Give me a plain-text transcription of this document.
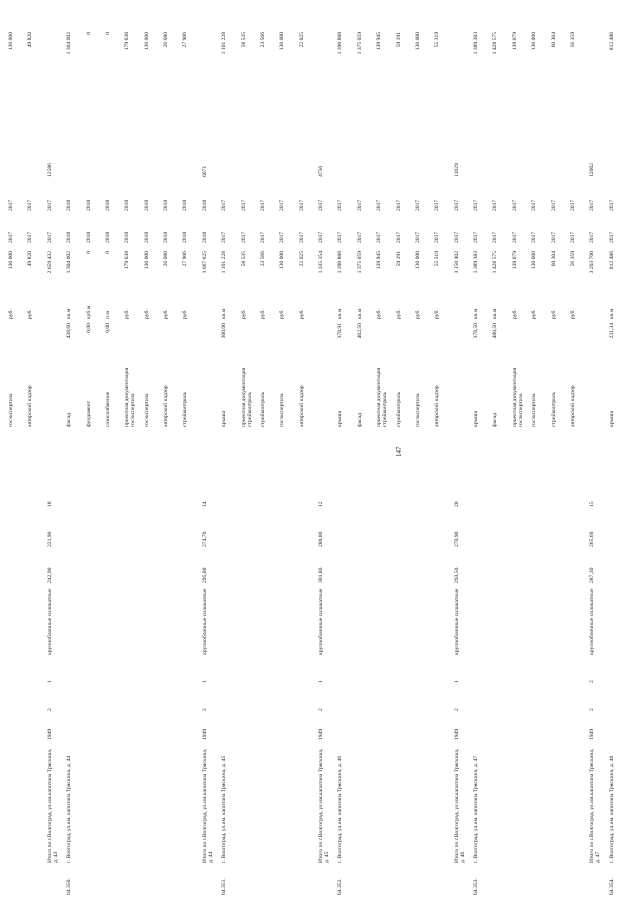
147
госэкспертиза
руб.
130 000
2017
2017
130 000
авторский надзор
руб.
49 820
2017
2017
49 820
Итого по г.Волгоград, ул.им.капитана Тряскина, д. 43
1949
2
1
крупноблочные силикатные
242,90
221,90
18
2 659 432
2017
2017
12586
64.350.
г. Волгоград, ул.им. капитана Тряскина, д. 44
фасад
438,60
кв.м
1 304 002
2018
2018
1 304 002
фундамент
0,00
куб.м
0
2018
2018
0
газоснабжение
0,00
п.м
0
2018
2018
0
проектная документация госэкспертиза
руб.
179 638
2018
2018
179 638
госэкспертиза
руб.
130 000
2018
2018
130 000
авторский надзор
руб.
26 080
2018
2018
26 080
стройконтроль
руб.
27 906
2018
2018
27 906
Итого по г.Волгоград, ул.им.капитана Тряскина, д. 44
1949
2
1
крупноблочные силикатные
295,00
274,70
14
1 667 625
2018
2018
6071
64.351.
г. Волгоград, ул.им. капитана Тряскина, д. 45
крыша
300,00
кв.м
1 101 228
2017
2017
1 101 228
проектная документация стройконтроль
руб.
58 535
2017
2017
58 535
стройконтроль
руб.
23 566
2017
2017
23 566
госэкспертиза
руб.
130 000
2017
2017
130 000
авторский надзор
руб.
22 025
2017
2017
22 025
Итого по г.Волгоград, ул.им.капитана Тряскина, д. 45
1949
2
1
крупноблочные силикатные
301,80
280,80
12
1 335 354
2017
2017
4756
64.352.
г. Волгоград, ул.им. капитана Тряскина, д. 46
крыша
378,91
кв.м
1 390 888
2017
2017
1 390 888
фасад
462,50
кв.м
1 375 059
2017
2017
1 375 059
проектная документация стройконтроль
руб.
139 945
2017
2017
139 945
стройконтроль
руб.
59 191
2017
2017
59 191
госэкспертиза
руб.
130 000
2017
2017
130 000
авторский надзор
руб.
55 319
2017
2017
55 319
Итого по г.Волгоград, ул.им.капитана Тряскина, д. 46
1949
2
1
крупноблочные силикатные
293,50
270,90
20
3 150 402
2017
2017
11629
64.353.
г. Волгоград, ул.им. капитана Тряскина, д. 47
крыша
378,50
кв.м
1 389 383
2017
2017
1 389 383
фасад
480,50
кв.м
1 428 575
2017
2017
1 428 575
проектная документация госэкспертиза
руб.
139 079
2017
2017
139 079
госэкспертиза
руб.
130 000
2017
2017
130 000
стройконтроль
руб.
60 304
2017
2017
60 304
авторский надзор
руб.
56 359
2017
2017
56 359
Итого по г.Волгоград, ул.им.капитана Тряскина, д. 47
1949
2
2
крупноблочные силикатные
287,30
265,60
15
3 203 700
2017
2017
12062
64.354.
г. Волгоград, ул.им. капитана Тряскина, д. 48
крыша
231,34
кв.м
812 486
2017
2017
812 486
